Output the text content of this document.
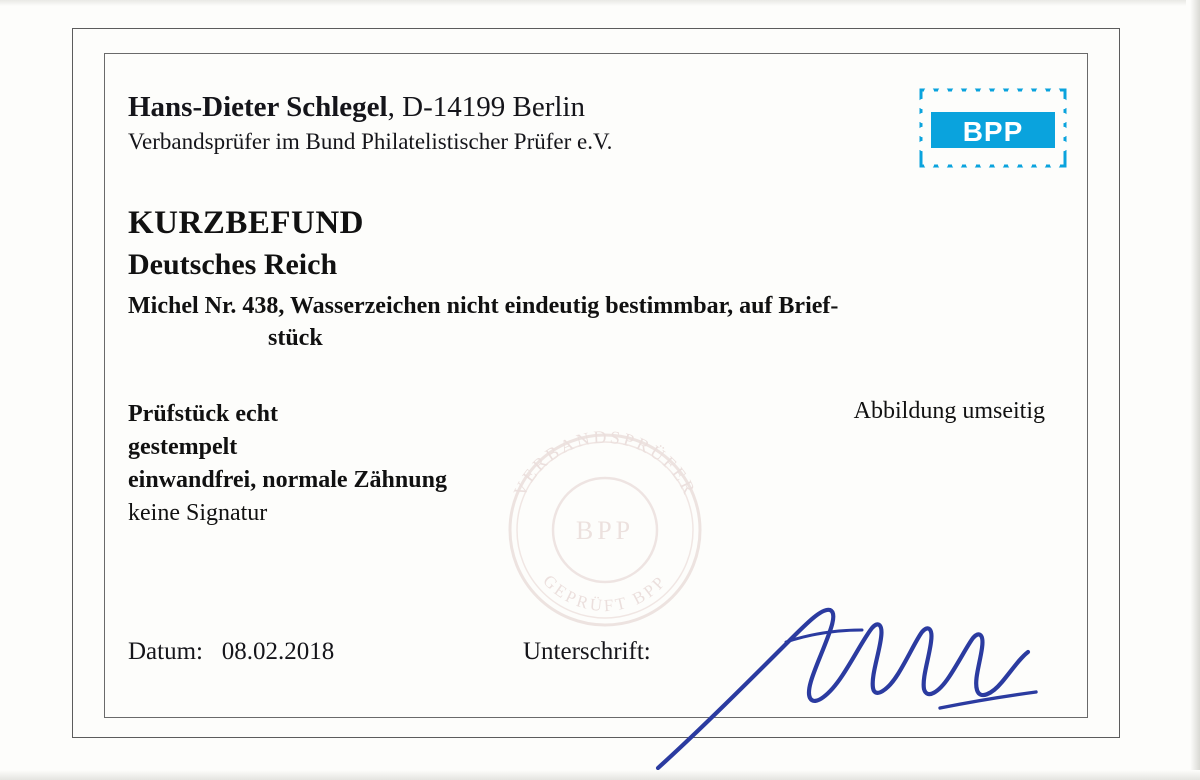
VERBANDSPRÜFER
GEPRÜFT BPP
BPP
BPP
Hans-Dieter Schlegel, D-14199 Berlin
Verbandsprüfer im Bund Philatelistischer Prüfer e.V.
KURZBEFUND
Deutsches Reich
Michel Nr. 438, Wasserzeichen nicht eindeutig bestimmbar, auf Brief-
stück
Abbildung umseitig
Prüfstück echt
gestempelt
einwandfrei, normale Zähnung
keine Signatur
Datum: 08.02.2018	Unterschrift:
